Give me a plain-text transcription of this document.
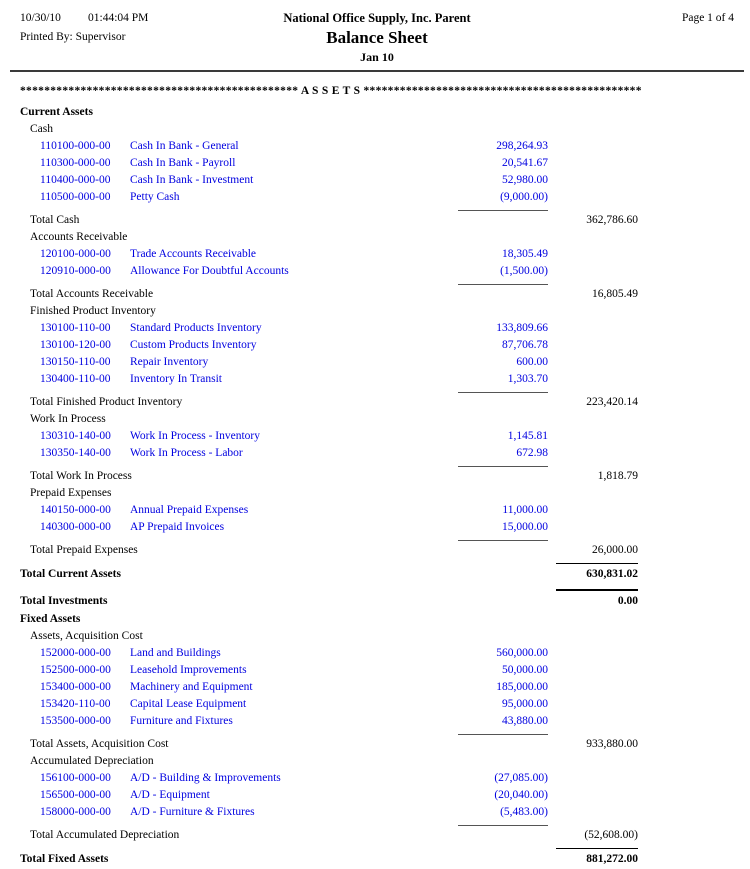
10/30/10 01:44:04 PM	National Office Supply, Inc. Parent	Page 1 of 4
Printed By: Supervisor	Balance Sheet
Jan 10
********************************************** A S S E T S **********************************************
Current Assets
Cash
110100-000-00 Cash In Bank - General	298,264.93
110300-000-00 Cash In Bank - Payroll	20,541.67
110400-000-00 Cash In Bank - Investment	52,980.00
110500-000-00 Petty Cash	(9,000.00)
Total Cash	362,786.60
Accounts Receivable
120100-000-00 Trade Accounts Receivable	18,305.49
120910-000-00 Allowance For Doubtful Accounts	(1,500.00)
Total Accounts Receivable	16,805.49
Finished Product Inventory
130100-110-00 Standard Products Inventory	133,809.66
130100-120-00 Custom Products Inventory	87,706.78
130150-110-00 Repair Inventory	600.00
130400-110-00 Inventory In Transit	1,303.70
Total Finished Product Inventory	223,420.14
Work In Process
130310-140-00 Work In Process - Inventory	1,145.81
130350-140-00 Work In Process - Labor	672.98
Total Work In Process	1,818.79
Prepaid Expenses
140150-000-00 Annual Prepaid Expenses	11,000.00
140300-000-00 AP Prepaid Invoices	15,000.00
Total Prepaid Expenses	26,000.00
Total Current Assets	630,831.02
Total Investments	0.00
Fixed Assets
Assets, Acquisition Cost
152000-000-00 Land and Buildings	560,000.00
152500-000-00 Leasehold Improvements	50,000.00
153400-000-00 Machinery and Equipment	185,000.00
153420-110-00 Capital Lease Equipment	95,000.00
153500-000-00 Furniture and Fixtures	43,880.00
Total Assets, Acquisition Cost	933,880.00
Accumulated Depreciation
156100-000-00 A/D - Building & Improvements	(27,085.00)
156500-000-00 A/D - Equipment	(20,040.00)
158000-000-00 A/D - Furniture & Fixtures	(5,483.00)
Total Accumulated Depreciation	(52,608.00)
Total Fixed Assets	881,272.00
